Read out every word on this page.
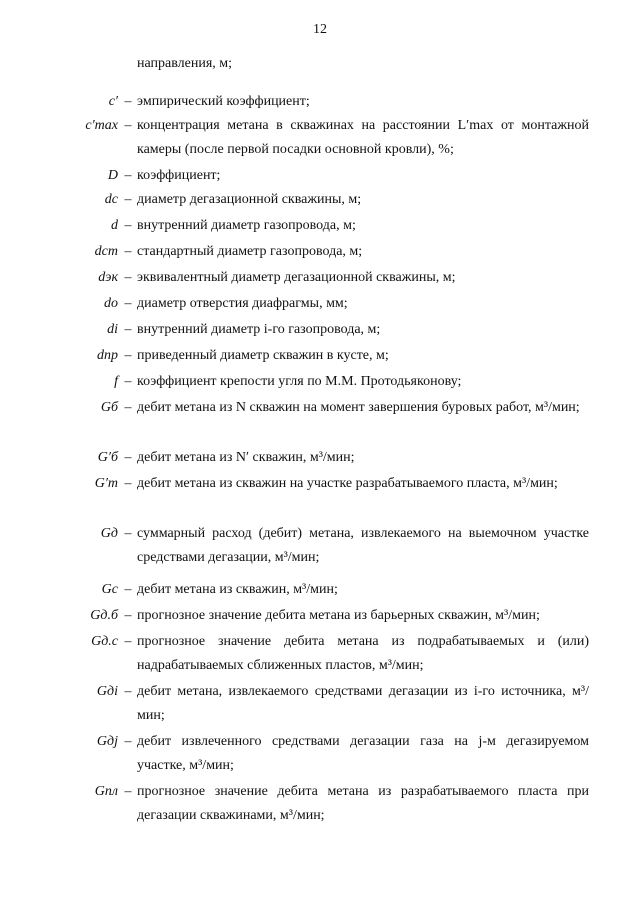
12
направления, м;
c′ – эмпирический коэффициент;
c′max – концентрация метана в скважинах на расстоянии L′max от монтажной камеры (после первой посадки основной кровли), %;
D – коэффициент;
dс – диаметр дегазационной скважины, м;
d – внутренний диаметр газопровода, м;
dст – стандартный диаметр газопровода, м;
dэк – эквивалентный диаметр дегазационной скважины, м;
dо – диаметр отверстия диафрагмы, мм;
di – внутренний диаметр i-го газопровода, м;
dпр – приведенный диаметр скважин в кусте, м;
f – коэффициент крепости угля по М.М. Протодьяконову;
Gб – дебит метана из N скважин на момент завершения буровых работ, м³/мин;
G′б – дебит метана из N′ скважин, м³/мин;
G′т – дебит метана из скважин на участке разрабатываемого пласта, м³/мин;
Gд – суммарный расход (дебит) метана, извлекаемого на выемочном участке средствами дегазации, м³/мин;
Gс – дебит метана из скважин, м³/мин;
Gд.б – прогнозное значение дебита метана из барьерных скважин, м³/мин;
Gд.с – прогнозное значение дебита метана из подрабатываемых и (или) надрабатываемых сближенных пластов, м³/мин;
Gдi – дебит метана, извлекаемого средствами дегазации из i-го источника, м³/мин;
Gдj – дебит извлеченного средствами дегазации газа на j-м дегазируемом участке, м³/мин;
Gпл – прогнозное значение дебита метана из разрабатываемого пласта при дегазации скважинами, м³/мин;
